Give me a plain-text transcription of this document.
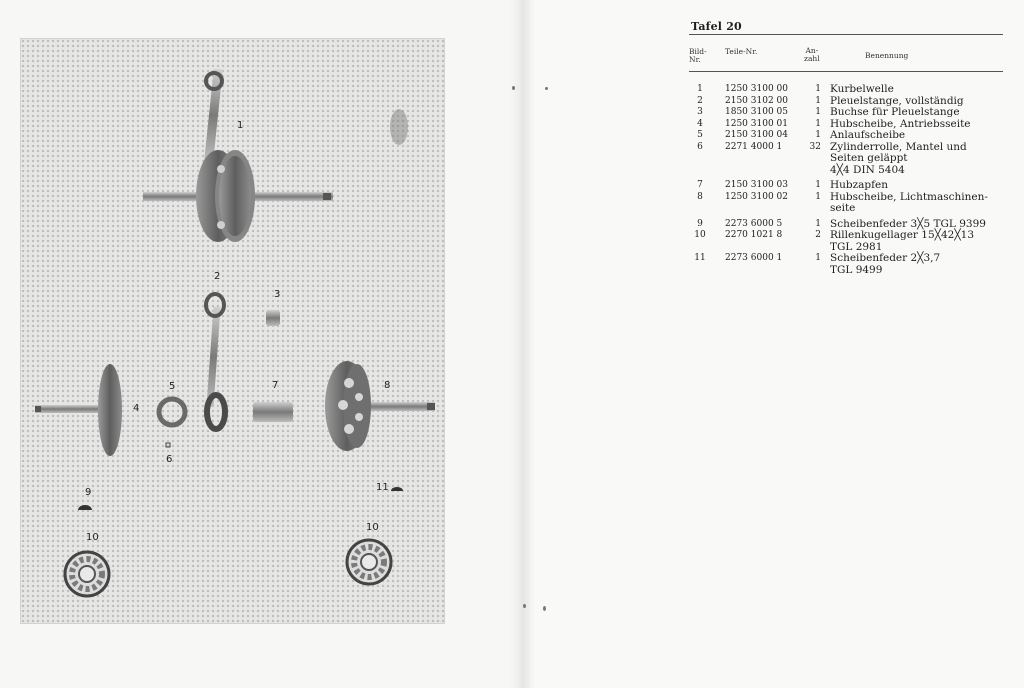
1
2
3
4
5
6
7	8
9
10
11
10
Tafel 20
Bild-
Nr.
Teile-Nr.	An-
zahl	Benennung
1	1250 3100 00	1 Kurbelwelle
2	2150 3102 00	1 Pleuelstange, vollständig
3	1850 3100 05	1 Buchse für Pleuelstange
4	1250 3100 01	1 Hubscheibe, Antriebsseite
5	2150 3100 04	1 Anlaufscheibe
6	2271 4000 1	32 Zylinderrolle, Mantel und
Seiten geläppt
4╳4 DIN 5404
7	2150 3100 03	1 Hubzapfen
8	1250 3100 02	1 Hubscheibe, Lichtmaschinen-
seite
9	2273 6000 5	1 Scheibenfeder 3╳5 TGL 9399
10	2270 1021 8	2 Rillenkugellager 15╳42╳13
TGL 2981
11	2273 6000 1	1 Scheibenfeder 2╳3,7
TGL 9499
